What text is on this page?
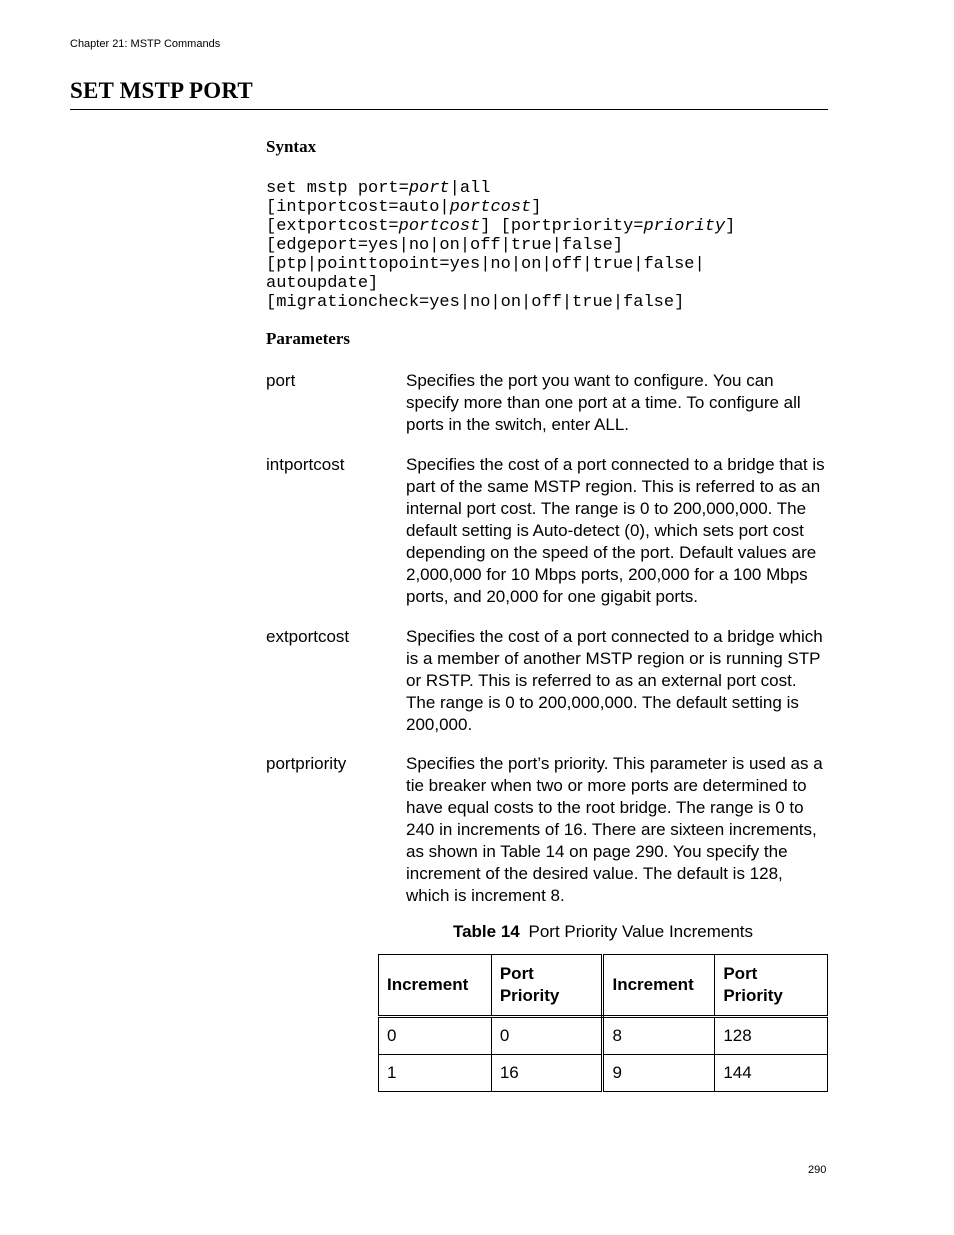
Chapter 21: MSTP Commands
SET MSTP PORT
Syntax
set mstp port=port|all
[intportcost=auto|portcost]
[extportcost=portcost] [portpriority=priority]
[edgeport=yes|no|on|off|true|false]
[ptp|pointtopoint=yes|no|on|off|true|false|
autoupdate]
[migrationcheck=yes|no|on|off|true|false]
Parameters
port	Specifies the port you want to configure. You can specify more than one port at a time. To configure all ports in the switch, enter ALL.
intportcost	Specifies the cost of a port connected to a bridge that is part of the same MSTP region. This is referred to as an internal port cost. The range is 0 to 200,000,000. The default setting is Auto-detect (0), which sets port cost depending on the speed of the port. Default values are 2,000,000 for 10 Mbps ports, 200,000 for a 100 Mbps ports, and 20,000 for one gigabit ports.
extportcost	Specifies the cost of a port connected to a bridge which is a member of another MSTP region or is running STP or RSTP. This is referred to as an external port cost. The range is 0 to 200,000,000. The default setting is 200,000.
portpriority	Specifies the port’s priority. This parameter is used as a tie breaker when two or more ports are determined to have equal costs to the root bridge. The range is 0 to 240 in increments of 16. There are sixteen increments, as shown in Table 14 on page 290. You specify the increment of the desired value. The default is 128, which is increment 8.
Table 14 Port Priority Value Increments
Increment	Port Priority	Increment	Port Priority
0	0	8	128
1	16	9	144
290
